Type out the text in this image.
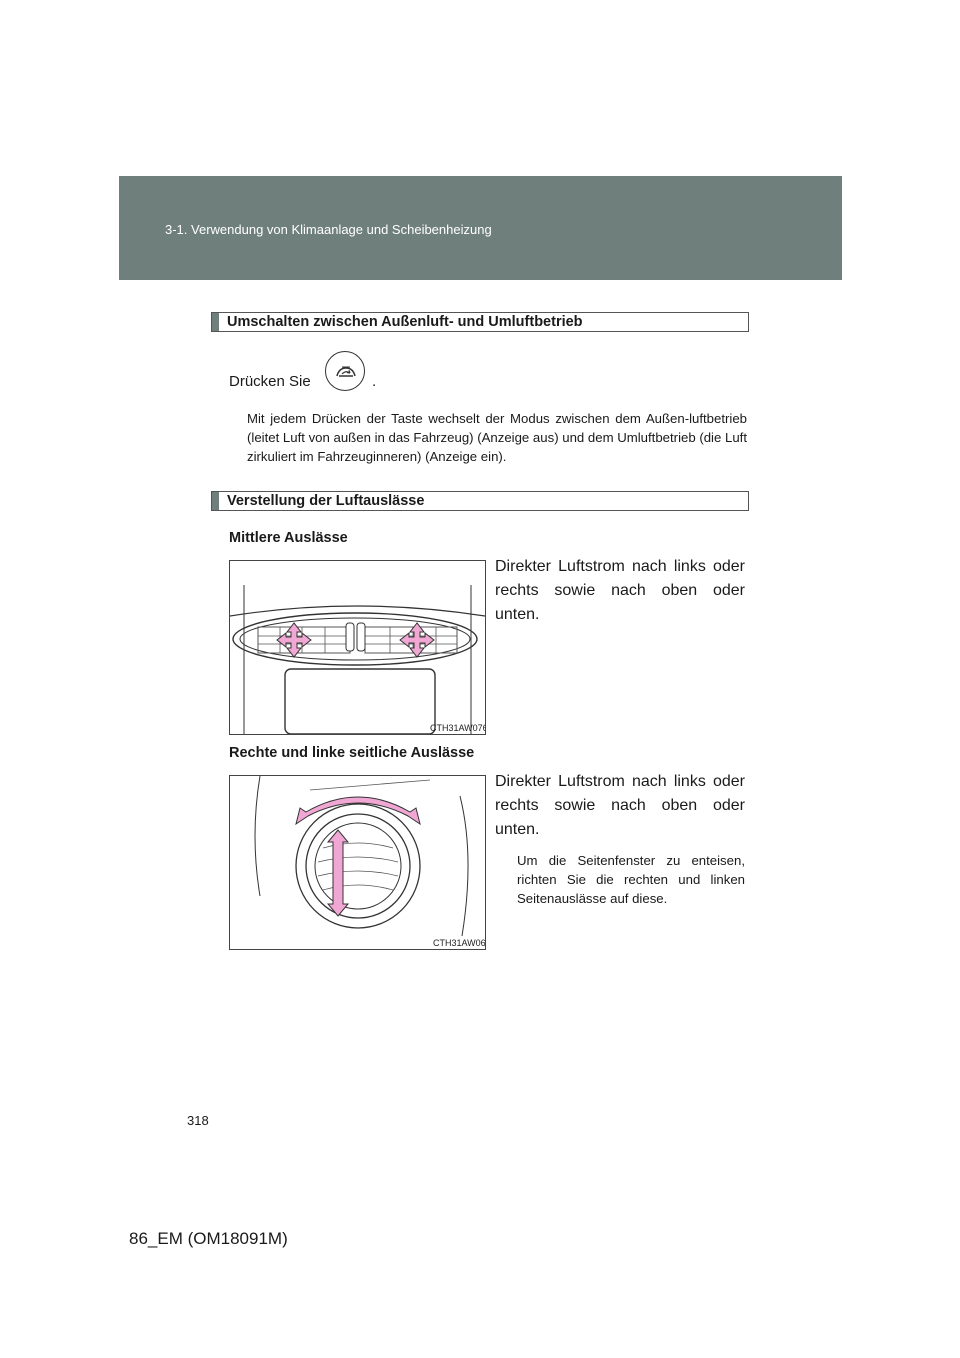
3-1. Verwendung von Klimaanlage und Scheibenheizung
Umschalten zwischen Außenluft- und Umluftbetrieb
Drücken Sie	.
Mit jedem Drücken der Taste wechselt der Modus zwischen dem Außen-luftbetrieb (leitet Luft von außen in das Fahrzeug) (Anzeige aus) und dem Umluftbetrieb (die Luft zirkuliert im Fahrzeuginneren) (Anzeige ein).
Verstellung der Luftauslässe
Mittlere Auslässe
Direkter Luftstrom nach links oder rechts sowie nach oben oder unten.
CTH31AW076
Rechte und linke seitliche Auslässe
Direkter Luftstrom nach links oder rechts sowie nach oben oder unten.
Um die Seitenfenster zu enteisen, richten Sie die rechten und linken Seitenauslässe auf diese.
CTH31AW068
318
86_EM (OM18091M)
